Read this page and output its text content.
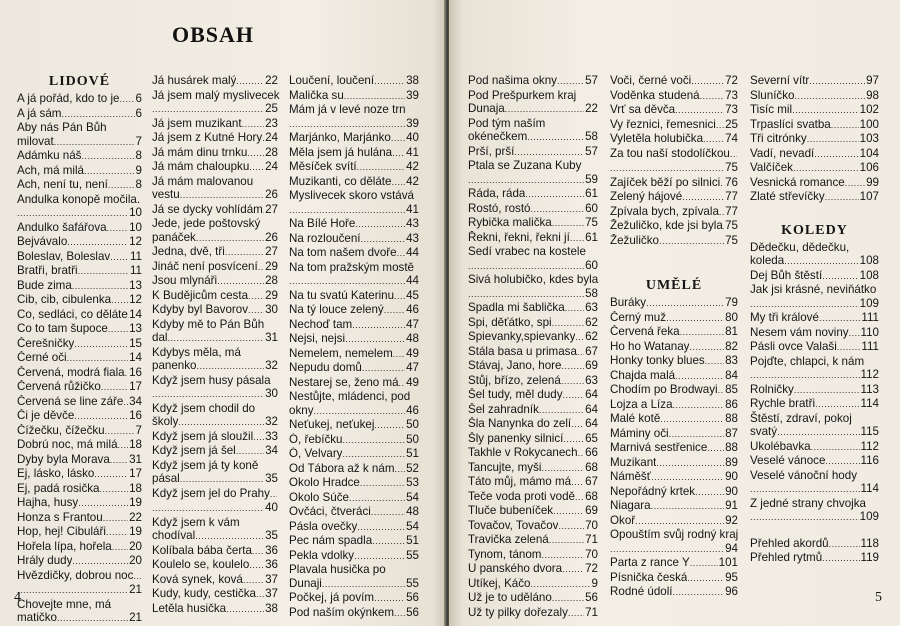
OBSAH
LIDOVÉ
A já pořád, kdo to je ..... 6
A já sám .....	6
Aby nás Pán Bůh
milovat .....	7
Adámku náš .....	8
Ach, má milá .....	9
Ach, není tu, není ..... 8
Andulka konopě močila.
.....
10
Andulko šafářova ..... 10
Bejvávalo .....	12
Boleslav, Boleslav ..... 11
Bratři, bratři .....	11
Bude zima .....	13
Cib, cib, cibulenka ..... 12
Co, sedláci, co děláte ..... 14
Co to tam šupoce ..... 13
Čerešničky .....	15
Černé oči .....	14
Červená, modrá fiala ..... 16
Červená růžičko ..... 17
Červená se line záře ..... 34
Či je děvče .....	16
Čížečku, čížečku .....	7
Dobrú noc, má milá ..... 18
Dyby byla Morava ..... 31
Ej, lásko, lásko .....	17
Ej, padá rosička .....	18
Hajha, husy .....	19
Honza s Frantou ..... 22
Hop, hej! Cibuláři ..... 19
Hořela lípa, hořela ..... 20
Hrály dudy .....	20
Hvězdičky, dobrou noc
.....
.....
21
Chovejte mne, má
matičko .....	21
Já husárek malý ..... 22
Já jsem malý myslivecek
.....
25
Já jsem muzikant ..... 23
Já jsem z Kutné Hory ..... 24
Já mám dinu trnku ..... 28
Já mám chaloupku ..... 24
Já mám malovanou
vestu .....	26
Já se dycky vohlídám ..... 27
Jede, jede poštovský
panáček .....	26
Jedna, dvě, tři .....	27
Jináč není posvícení ..... 29
Jsou mlynáři .....	28
K Budějicům cesta ..... 29
Kdyby byl Bavorov ..... 30
Kdyby mě to Pán Bůh
dal .....	31
Kdybys měla, má
panenko .....	32
Když jsem husy pásala
.....
30
Když jsem chodil do
školy .....	32
Když jsem já sloužil ..... 33
Když jsem já šel .....	34
Když jsem já ty koně
pásal .....	35
Když jsem jel do Prahy
.....
.....
40
Když jsem k vám
chodíval .....	35
Kolíbala bába čerta ..... 36
Koulelo se, koulelo ..... 36
Ková synek, ková ..... 37
Kudy, kudy, cestička ..... 37
Letěla husička .....	38
Loučení, loučení .....	38
Malička su .....	39
Mám já v levé noze trn
.....
39
Marjánko, Marjánko ..... 40
Měla jsem já hulána ..... 41
Měsíček svítí .....	42
Muzikanti, co děláte ..... 42
Myslivecek skoro vstává
.....
41
Na Bílé Hoře .....	43
Na rozloučení .....	43
Na tom našem dvoře ..... 44
Na tom pražským mostě
.....
44
Na tu svatú Katerinu ..... 45
Na tý louce zelený ..... 46
Nechoď tam .....	47
Nejsi, nejsi .....	48
Nemelem, nemelem ..... 49
Nepudu domů .....	47
Nestarej se, ženo má ..... 49
Nestůjte, mládenci, pod
okny .....	46
Neťukej, neťukej .....	50
Ó, řebíčku .....	50
Ó, Velvary .....	51
Od Tábora až k nám ..... 52
Okolo Hradce .....	53
Okolo Súče .....	54
Ovčáci, čtveráci .....	48
Pásla ovečky .....	54
Pec nám spadla .....	51
Pekla vdolky .....	55
Plavala husička po
Dunaji .....	55
Počkej, já povím .....	56
Pod naším okýnkem ..... 56
4
Pod našima okny ..... 57
Pod Prešpurkem kraj
Dunaja .....	22
Pod tým naším
okénečkem .....	58
Prší, prší .....	57
Ptala se Zuzana Kuby
.....
59
Ráda, ráda .....	61
Rostó, rostó .....	60
Rybička malička .....	75
Řekni, řekni, řekni jí ..... 61
Sedí vrabec na kostele
.....
60
Sivá holubičko, kdes byla
.....
58
Spadla mi šablička ..... 63
Spi, děťátko, spi .....	62
Spievanky,spievanky ..... 62
Stála basa u primasa ..... 67
Stávaj, Jano, hore ..... 69
Stůj, břízo, zelená ..... 63
Šel tudy, měl dudy ..... 64
Šel zahradník .....	64
Šla Nanynka do zelí ..... 64
Šly panenky silnicí ..... 65
Takhle v Rokycanech ..... 66
Tancujte, myši .....	68
Táto můj, mámo má ..... 67
Teče voda proti vodě ..... 68
Tluče bubeníček .....	69
Tovačov, Tovačov ..... 70
Travička zelená .....	71
Tynom, tánom .....	70
U panského dvora ..... 72
Utíkej, Káčo .....	9
Už je to uděláno .....	56
Už ty pilky dořezaly ..... 71
Voči, černé voči .....	72
Voděnka studená ..... 73
Vrť sa děvča .....	73
Vy řeznici, řemesnici ..... 25
Vyletěla holubička ..... 74
Za tou naší stodolíčkou
.....
.....
75
Zajíček běží po silnici ..... 76
Zelený hájové .....	77
Zpívala bych, zpívala ..... 77
Žežuličko, kde jsi byla ..... 75
Žežuličko .....	75
UMĚLÉ
Buráky .....	79
Černý muž .....	80
Červená řeka .....	81
Ho ho Watanay .....	82
Honky tonky blues ..... 83
Chajda malá .....	84
Chodím po Brodwayi ..... 85
Lojza a Líza .....	86
Malé kotě .....	88
Máminy oči .....	87
Marnivá sestřenice ..... 88
Muzikant .....	89
Náměšť .....	90
Nepořádný krtek .....	90
Niagara .....	91
Okoř .....	92
Opouštím svůj rodný kraj
.....
94
Parta z rance Y ..... 101
Písnička česká .....	95
Rodné údolí .....	96
Severní vítr .....	97
Sluníčko .....	98
Tisíc mil .....	102
Trpaslíci svatba ..... 100
Tři citrónky .....	103
Vadí, nevadí .....	104
Valčíček .....	106
Vesnická romance ..... 99
Zlaté střevíčky .....	107
KOLEDY
Dědečku, dědečku,
koleda .....	108
Dej Bůh štěstí .....	108
Jak jsi krásné, neviňátko
.....
109
My tři králové .....	111
Nesem vám noviny ..... 110
Pásli ovce Valaši ..... 111
Pojďte, chlapci, k nám
.....
112
Rolničky .....	113
Rychle bratři .....	114
Štěstí, zdraví, pokoj
svatý .....	115
Ukolébavka .....	112
Veselé vánoce .....	116
Veselé vánoční hody
.....
114
Z jedné strany chvojka
.....
109
Přehled akordů .....	118
Přehled rytmů .....	119
5
